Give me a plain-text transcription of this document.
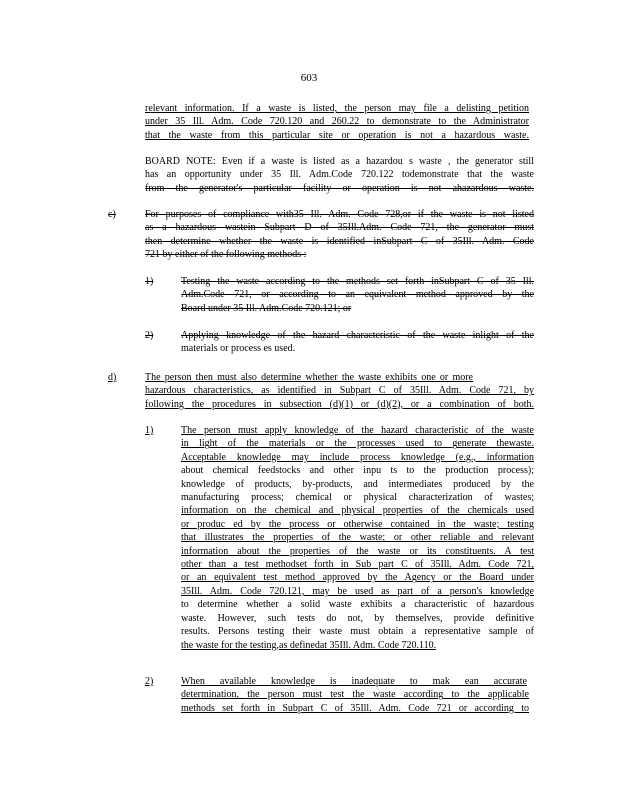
603

relevant information. If a waste is listed, the person may file a delisting petition

under 35 Ill. Adm. Code 720.120 and 260.22 to demonstrate to the Administrator

that the waste from this particular site or operation is not a hazardous waste.

BOARD NOTE: Even if a waste is listed as a hazardou s waste , the generator still

has an opportunity under 35 Ill. Adm.Code 720.122 todemonstrate that the waste

from the generator's particular facility or operation is not ahazardous waste.

c)	For purposes of compliance with35 Ill. Adm. Code 728,or if the waste is not listed

as a hazardous wastein Subpart D of 35Ill.Adm. Code 721, the generator must

then determine whether the waste is identified inSubpart C of 35Ill. Adm. Code

721 by either of the following methods :

1)	Testing the waste according to the methods set forth inSubpart C of 35 Ill.

Adm.Code 721, or according to an equivalent method approved by the

Board under 35 Ill. Adm.Code 720.121; or

2)	Applying knowledge of the hazard characteristic of the waste inlight of the

materials or process es used.

d)	The person then must also determine whether the waste exhibits one or more

hazardous characteristics, as identified in Subpart C of 35Ill. Adm. Code 721, by

following the procedures in subsection (d)(1) or (d)(2), or a combination of both.

1)	The person must apply knowledge of the hazard characteristic of the waste

in light of the materials or the processes used to generate thewaste.

Acceptable knowledge may include process knowledge (e.g., information

about chemical feedstocks and other inpu ts to the production process);

knowledge of products, by-products, and intermediates produced by the

manufacturing process; chemical or physical characterization of wastes;

information on the chemical and physical properties of the chemicals used

or produc ed by the process or otherwise contained in the waste; testing

that illustrates the properties of the waste; or other reliable and relevant

information about the properties of the waste or its constituents. A test

other than a test methodset forth in Sub part C of 35Ill. Adm. Code 721,

or an equivalent test method approved by the Agency or the Board under

35Ill. Adm. Code 720.121, may be used as part of a person's knowledge

to determine whether a solid waste exhibits a characteristic of hazardous

waste. However, such tests do not, by themselves, provide definitive

results. Persons testing their waste must obtain a representative sample of

the waste for the testing,as definedat 35Ill. Adm. Code 720.110.

2)	When available knowledge is inadequate to mak ean accurate

determination, the person must test the waste according to the applicable

methods set forth in Subpart C of 35Ill. Adm. Code 721 or according to
